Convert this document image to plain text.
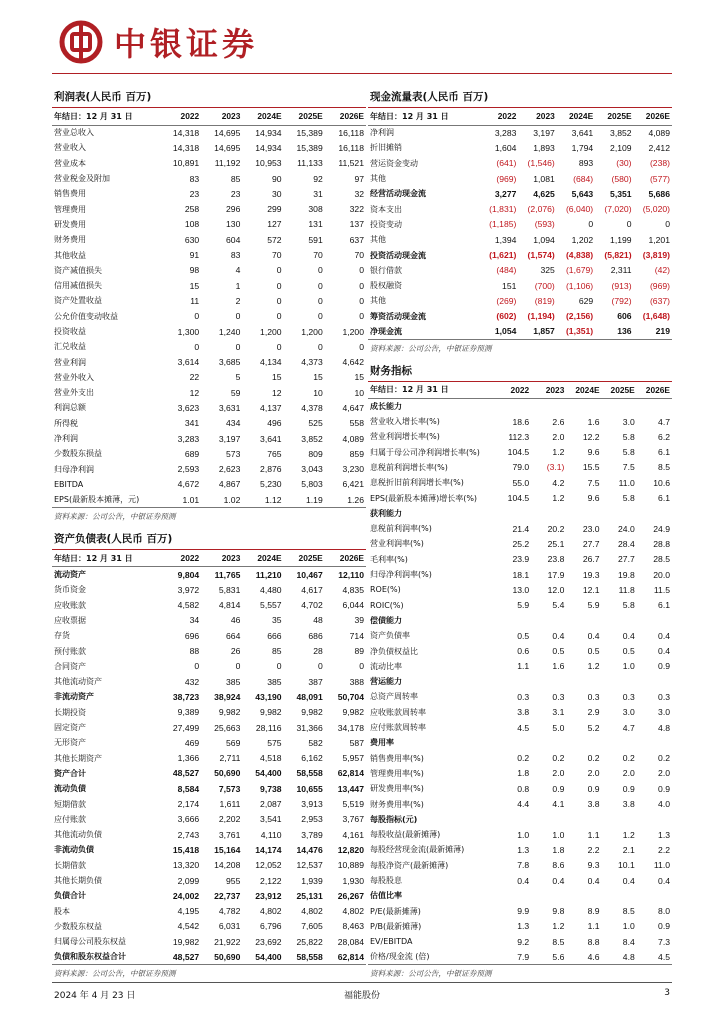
中银证券
利润表(人民币 百万)
年结日：12 月 31 日	2022	2023	2024E	2025E	2026E
营业总收入	14,318	14,695	14,934	15,389	16,118
营业收入	14,318	14,695	14,934	15,389	16,118
营业成本	10,891	11,192	10,953	11,133	11,521
营业税金及附加	83	85	90	92	97
销售费用	23	23	30	31	32
管理费用	258	296	299	308	322
研发费用	108	130	127	131	137
财务费用	630	604	572	591	637
其他收益	91	83	70	70	70
资产减值损失	98	4	0	0	0
信用减值损失	15	1	0	0	0
资产处置收益	11	2	0	0	0
公允价值变动收益	0	0	0	0	0
投资收益	1,300	1,240	1,200	1,200	1,200
汇兑收益	0	0	0	0	0
营业利润	3,614	3,685	4,134	4,373	4,642
营业外收入	22	5	15	15	15
营业外支出	12	59	12	10	10
利润总额	3,623	3,631	4,137	4,378	4,647
所得税	341	434	496	525	558
净利润	3,283	3,197	3,641	3,852	4,089
少数股东损益	689	573	765	809	859
归母净利润	2,593	2,623	2,876	3,043	3,230
EBITDA	4,672	4,867	5,230	5,803	6,421
EPS(最新股本摊薄，元)	1.01	1.02	1.12	1.19	1.26
资料来源：公司公告，中银证券预测
资产负债表(人民币 百万)
年结日：12 月 31 日	2022	2023	2024E	2025E	2026E
流动资产	9,804	11,765	11,210	10,467	12,110
货币资金	3,972	5,831	4,480	4,617	4,835
应收账款	4,582	4,814	5,557	4,702	6,044
应收票据	34	46	35	48	39
存货	696	664	666	686	714
预付账款	88	26	85	28	89
合同资产	0	0	0	0	0
其他流动资产	432	385	385	387	388
非流动资产	38,723	38,924	43,190	48,091	50,704
长期投资	9,389	9,982	9,982	9,982	9,982
固定资产	27,499	25,663	28,116	31,366	34,178
无形资产	469	569	575	582	587
其他长期资产	1,366	2,711	4,518	6,162	5,957
资产合计	48,527	50,690	54,400	58,558	62,814
流动负债	8,584	7,573	9,738	10,655	13,447
短期借款	2,174	1,611	2,087	3,913	5,519
应付账款	3,666	2,202	3,541	2,953	3,767
其他流动负债	2,743	3,761	4,110	3,789	4,161
非流动负债	15,418	15,164	14,174	14,476	12,820
长期借款	13,320	14,208	12,052	12,537	10,889
其他长期负债	2,099	955	2,122	1,939	1,930
负债合计	24,002	22,737	23,912	25,131	26,267
股本	4,195	4,782	4,802	4,802	4,802
少数股东权益	4,542	6,031	6,796	7,605	8,463
归属母公司股东权益	19,982	21,922	23,692	25,822	28,084
负债和股东权益合计	48,527	50,690	54,400	58,558	62,814
资料来源：公司公告，中银证券预测
现金流量表(人民币 百万)
年结日：12 月 31 日	2022	2023	2024E	2025E	2026E
净利润	3,283	3,197	3,641	3,852	4,089
折旧摊销	1,604	1,893	1,794	2,109	2,412
营运资金变动	(641)	(1,546)	893	(30)	(238)
其他	(969)	1,081	(684)	(580)	(577)
经营活动现金流	3,277	4,625	5,643	5,351	5,686
资本支出	(1,831)	(2,076)	(6,040)	(7,020)	(5,020)
投资变动	(1,185)	(593)	0	0	0
其他	1,394	1,094	1,202	1,199	1,201
投资活动现金流	(1,621)	(1,574)	(4,838)	(5,821)	(3,819)
银行借款	(484)	325	(1,679)	2,311	(42)
股权融资	151	(700)	(1,106)	(913)	(969)
其他	(269)	(819)	629	(792)	(637)
筹资活动现金流	(602)	(1,194)	(2,156)	606	(1,648)
净现金流	1,054	1,857	(1,351)	136	219
资料来源：公司公告，中银证券预测
财务指标
年结日：12 月 31 日	2022	2023	2024E	2025E	2026E
成长能力					
营业收入增长率(%)	18.6	2.6	1.6	3.0	4.7
营业利润增长率(%)	112.3	2.0	12.2	5.8	6.2
归属于母公司净利润增长率(%)	104.5	1.2	9.6	5.8	6.1
息税前利润增长率(%)	79.0	(3.1)	15.5	7.5	8.5
息税折旧前利润增长率(%)	55.0	4.2	7.5	11.0	10.6
EPS(最新股本摊薄)增长率(%)	104.5	1.2	9.6	5.8	6.1
获利能力					
息税前利润率(%)	21.4	20.2	23.0	24.0	24.9
营业利润率(%)	25.2	25.1	27.7	28.4	28.8
毛利率(%)	23.9	23.8	26.7	27.7	28.5
归母净利润率(%)	18.1	17.9	19.3	19.8	20.0
ROE(%)	13.0	12.0	12.1	11.8	11.5
ROIC(%)	5.9	5.4	5.9	5.8	6.1
偿债能力					
资产负债率	0.5	0.4	0.4	0.4	0.4
净负债权益比	0.6	0.5	0.5	0.5	0.4
流动比率	1.1	1.6	1.2	1.0	0.9
营运能力					
总资产周转率	0.3	0.3	0.3	0.3	0.3
应收账款周转率	3.8	3.1	2.9	3.0	3.0
应付账款周转率	4.5	5.0	5.2	4.7	4.8
费用率					
销售费用率(%)	0.2	0.2	0.2	0.2	0.2
管理费用率(%)	1.8	2.0	2.0	2.0	2.0
研发费用率(%)	0.8	0.9	0.9	0.9	0.9
财务费用率(%)	4.4	4.1	3.8	3.8	4.0
每股指标(元)					
每股收益(最新摊薄)	1.0	1.0	1.1	1.2	1.3
每股经营现金流(最新摊薄)	1.3	1.8	2.2	2.1	2.2
每股净资产(最新摊薄)	7.8	8.6	9.3	10.1	11.0
每股股息	0.4	0.4	0.4	0.4	0.4
估值比率					
P/E(最新摊薄)	9.9	9.8	8.9	8.5	8.0
P/B(最新摊薄)	1.3	1.2	1.1	1.0	0.9
EV/EBITDA	9.2	8.5	8.8	8.4	7.3
价格/现金流 (倍)	7.9	5.6	4.6	4.8	4.5
资料来源：公司公告，中银证券预测
2024 年 4 月 23 日	福能股份	3
